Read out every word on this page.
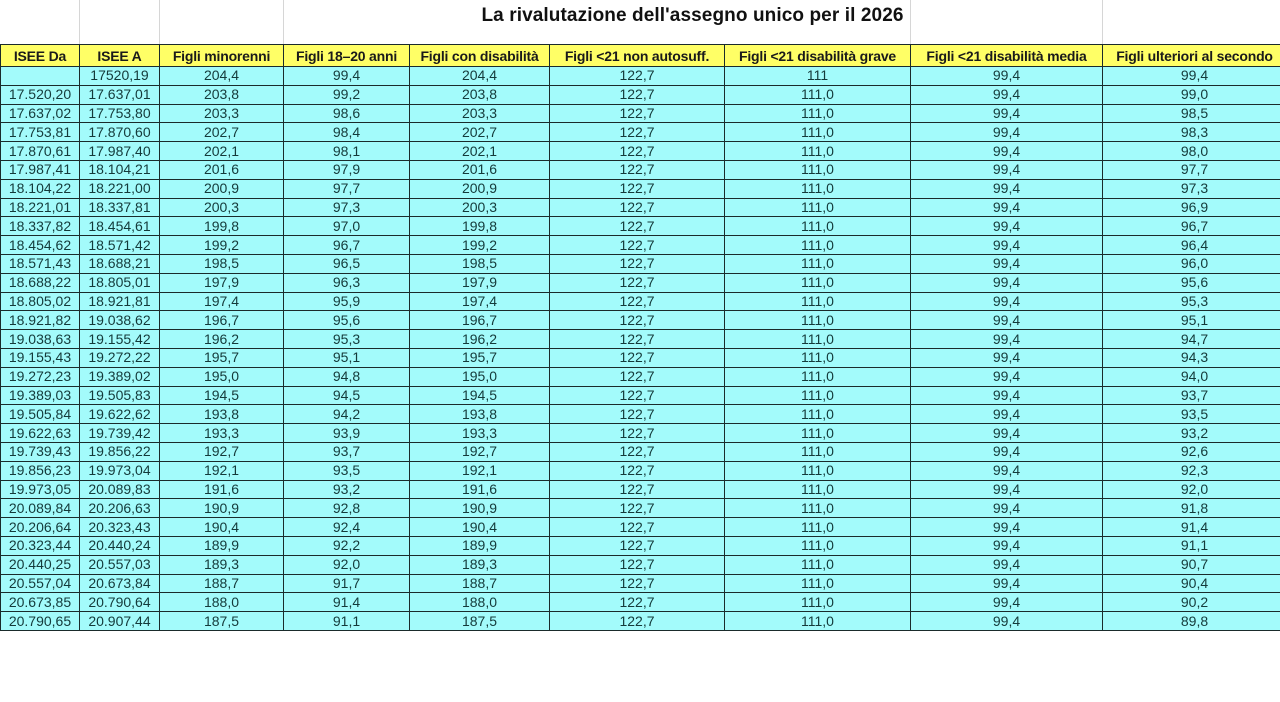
La rivalutazione dell'assegno unico per il 2026
ISEE Da	ISEE A	Figli minorenni	Figli 18–20 anni	Figli con disabilità	Figli <21 non autosuff.	Figli <21 disabilità grave	Figli <21 disabilità media	Figli ulteriori al secondo
	17520,19	204,4	99,4	204,4	122,7	111	99,4	99,4
17.520,20	17.637,01	203,8	99,2	203,8	122,7	111,0	99,4	99,0
17.637,02	17.753,80	203,3	98,6	203,3	122,7	111,0	99,4	98,5
17.753,81	17.870,60	202,7	98,4	202,7	122,7	111,0	99,4	98,3
17.870,61	17.987,40	202,1	98,1	202,1	122,7	111,0	99,4	98,0
17.987,41	18.104,21	201,6	97,9	201,6	122,7	111,0	99,4	97,7
18.104,22	18.221,00	200,9	97,7	200,9	122,7	111,0	99,4	97,3
18.221,01	18.337,81	200,3	97,3	200,3	122,7	111,0	99,4	96,9
18.337,82	18.454,61	199,8	97,0	199,8	122,7	111,0	99,4	96,7
18.454,62	18.571,42	199,2	96,7	199,2	122,7	111,0	99,4	96,4
18.571,43	18.688,21	198,5	96,5	198,5	122,7	111,0	99,4	96,0
18.688,22	18.805,01	197,9	96,3	197,9	122,7	111,0	99,4	95,6
18.805,02	18.921,81	197,4	95,9	197,4	122,7	111,0	99,4	95,3
18.921,82	19.038,62	196,7	95,6	196,7	122,7	111,0	99,4	95,1
19.038,63	19.155,42	196,2	95,3	196,2	122,7	111,0	99,4	94,7
19.155,43	19.272,22	195,7	95,1	195,7	122,7	111,0	99,4	94,3
19.272,23	19.389,02	195,0	94,8	195,0	122,7	111,0	99,4	94,0
19.389,03	19.505,83	194,5	94,5	194,5	122,7	111,0	99,4	93,7
19.505,84	19.622,62	193,8	94,2	193,8	122,7	111,0	99,4	93,5
19.622,63	19.739,42	193,3	93,9	193,3	122,7	111,0	99,4	93,2
19.739,43	19.856,22	192,7	93,7	192,7	122,7	111,0	99,4	92,6
19.856,23	19.973,04	192,1	93,5	192,1	122,7	111,0	99,4	92,3
19.973,05	20.089,83	191,6	93,2	191,6	122,7	111,0	99,4	92,0
20.089,84	20.206,63	190,9	92,8	190,9	122,7	111,0	99,4	91,8
20.206,64	20.323,43	190,4	92,4	190,4	122,7	111,0	99,4	91,4
20.323,44	20.440,24	189,9	92,2	189,9	122,7	111,0	99,4	91,1
20.440,25	20.557,03	189,3	92,0	189,3	122,7	111,0	99,4	90,7
20.557,04	20.673,84	188,7	91,7	188,7	122,7	111,0	99,4	90,4
20.673,85	20.790,64	188,0	91,4	188,0	122,7	111,0	99,4	90,2
20.790,65	20.907,44	187,5	91,1	187,5	122,7	111,0	99,4	89,8
